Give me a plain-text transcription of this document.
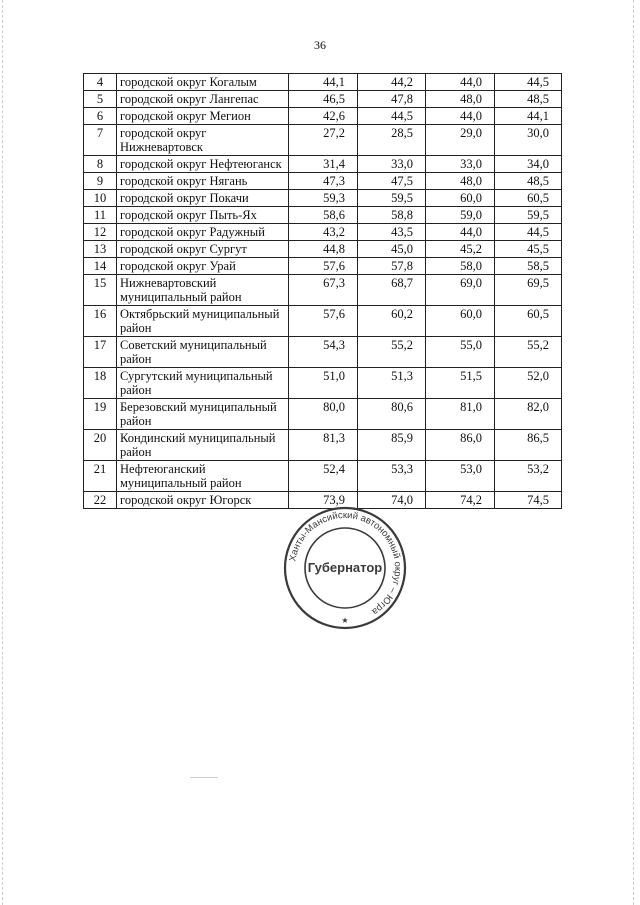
36
4	городской округ Когалым	44,1	44,2	44,0	44,5
5	городской округ Лангепас	46,5	47,8	48,0	48,5
6	городской округ Мегион	42,6	44,5	44,0	44,1
7	городской округ Нижневартовск	27,2	28,5	29,0	30,0
8	городской округ Нефтеюганск	31,4	33,0	33,0	34,0
9	городской округ Нягань	47,3	47,5	48,0	48,5
10	городской округ Покачи	59,3	59,5	60,0	60,5
11	городской округ Пыть-Ях	58,6	58,8	59,0	59,5
12	городской округ Радужный	43,2	43,5	44,0	44,5
13	городской округ Сургут	44,8	45,0	45,2	45,5
14	городской округ Урай	57,6	57,8	58,0	58,5
15	Нижневартовский муниципальный район	67,3	68,7	69,0	69,5
16	Октябрьский муниципальный район	57,6	60,2	60,0	60,5
17	Советский муниципальный район	54,3	55,2	55,0	55,2
18	Сургутский муниципальный район	51,0	51,3	51,5	52,0
19	Березовский муниципальный район	80,0	80,6	81,0	82,0
20	Кондинский муниципальный район	81,3	85,9	86,0	86,5
21	Нефтеюганский муниципальный район	52,4	53,3	53,0	53,2
22	городской округ Югорск	73,9	74,0	74,2	74,5
Ханты-Мансийский автономный округ – Югра
Губернатор
★
